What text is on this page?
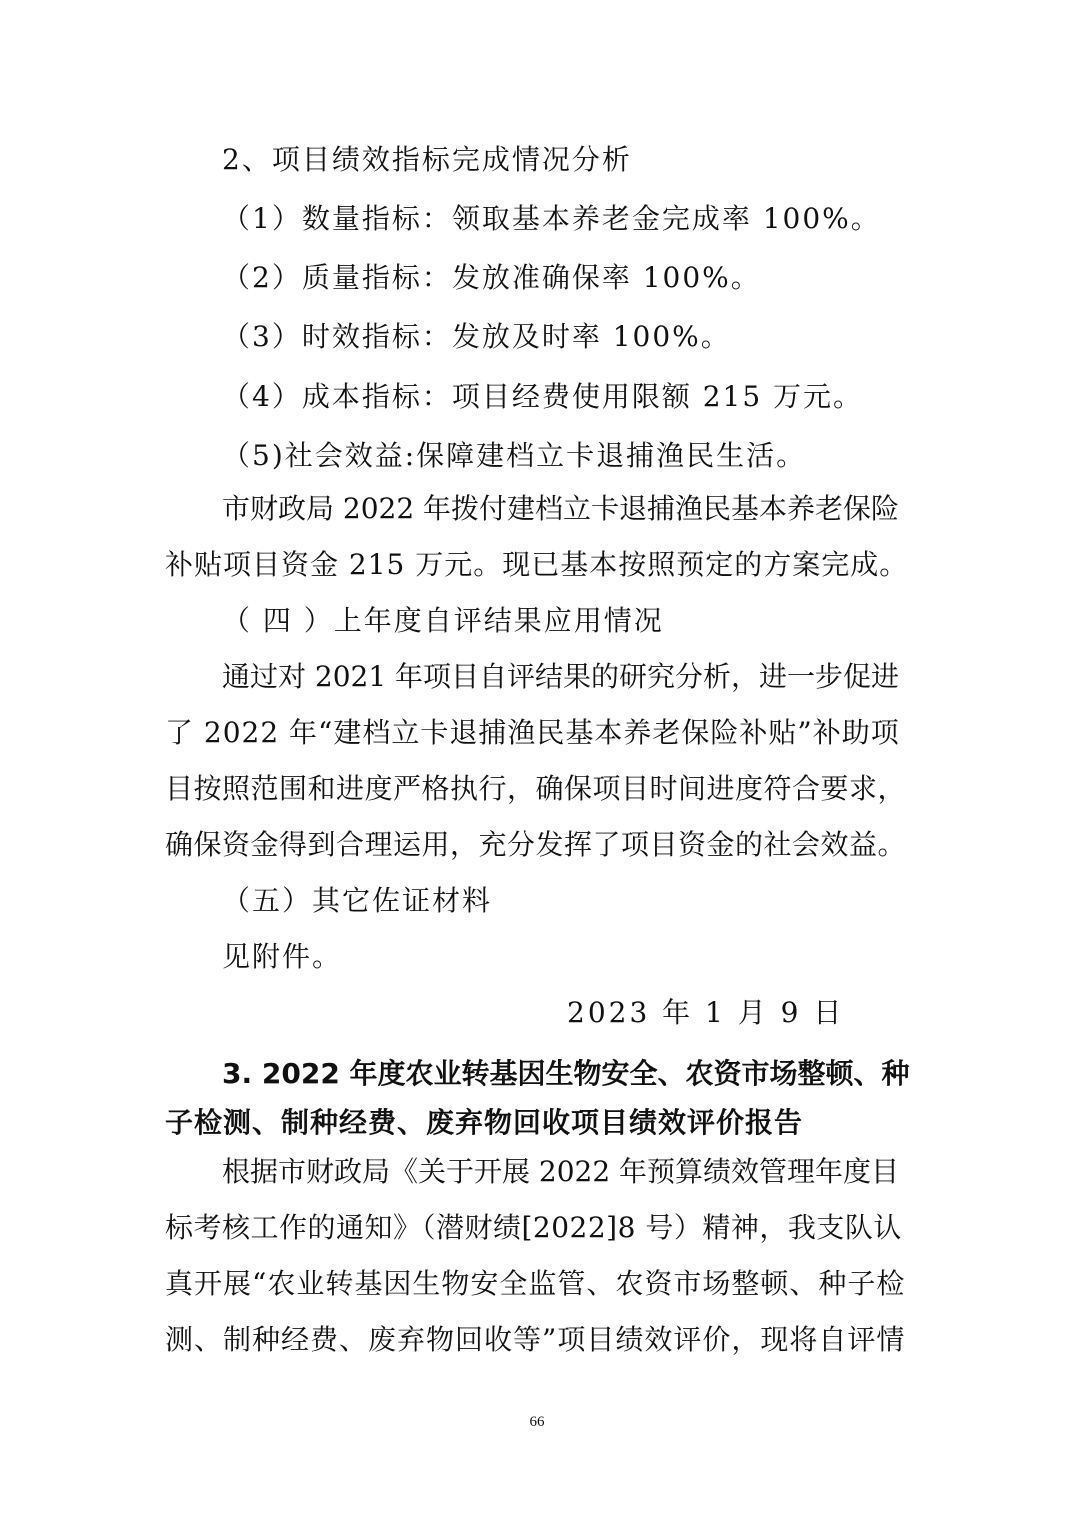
2、项目绩效指标完成情况分析
（1）数量指标：领取基本养老金完成率 100%。
（2）质量指标：发放准确保率 100%。
（3）时效指标：发放及时率 100%。
（4）成本指标：项目经费使用限额 215 万元。
（5)社会效益:保障建档立卡退捕渔民生活。
市财政局 2022 年拨付建档立卡退捕渔民基本养老保险
补贴项目资金 215 万元。现已基本按照预定的方案完成。
（ 四 ）上年度自评结果应用情况
通过对 2021 年项目自评结果的研究分析，进一步促进
了 2022 年“建档立卡退捕渔民基本养老保险补贴”补助项
目按照范围和进度严格执行，确保项目时间进度符合要求，
确保资金得到合理运用，充分发挥了项目资金的社会效益。
（五）其它佐证材料
见附件。
2023 年 1 月 9 日
3. 2022 年度农业转基因生物安全、农资市场整顿、种
子检测、制种经费、废弃物回收项目绩效评价报告
根据市财政局《关于开展 2022 年预算绩效管理年度目
标考核工作的通知》（潜财绩[2022]8 号）精神，我支队认
真开展“农业转基因生物安全监管、农资市场整顿、种子检
测、制种经费、废弃物回收等”项目绩效评价，现将自评情
66
